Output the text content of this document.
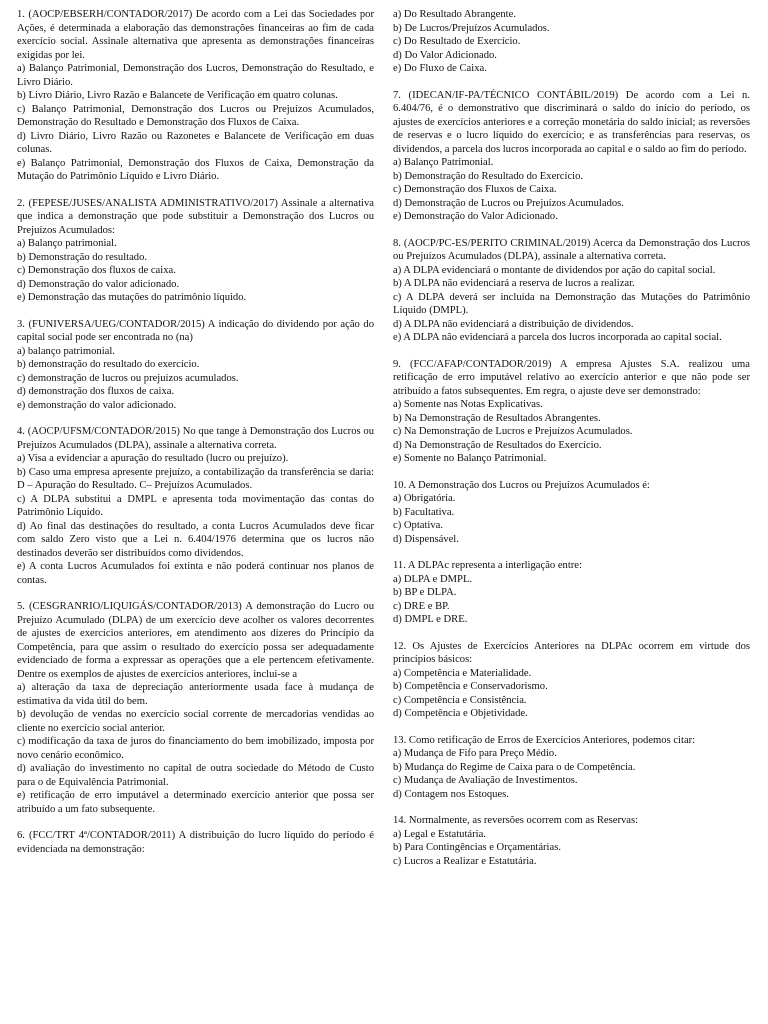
1. (AOCP/EBSERH/CONTADOR/2017) De acordo com a Lei das Sociedades por Ações, é determinada a elaboração das demonstrações financeiras ao fim de cada exercício social. Assinale alternativa que apresenta as demonstrações financeiras exigidas por lei.
a) Balanço Patrimonial, Demonstração dos Lucros, Demonstração do Resultado, e Livro Diário.
b) Livro Diário, Livro Razão e Balancete de Verificação em quatro colunas.
c) Balanço Patrimonial, Demonstração dos Lucros ou Prejuízos Acumulados, Demonstração do Resultado e Demonstração dos Fluxos de Caixa.
d) Livro Diário, Livro Razão ou Razonetes e Balancete de Verificação em duas colunas.
e) Balanço Patrimonial, Demonstração dos Fluxos de Caixa, Demonstração da Mutação do Patrimônio Líquido e Livro Diário.
2. (FEPESE/JUSES/ANALISTA ADMINISTRATIVO/2017) Assinale a alternativa que indica a demonstração que pode substituir a Demonstração dos Lucros ou Prejuízos Acumulados:
a) Balanço patrimonial.
b) Demonstração do resultado.
c) Demonstração dos fluxos de caixa.
d) Demonstração do valor adicionado.
e) Demonstração das mutações do patrimônio líquido.
3. (FUNIVERSA/UEG/CONTADOR/2015) A indicação do dividendo por ação do capital social pode ser encontrada no (na)
a) balanço patrimonial.
b) demonstração do resultado do exercício.
c) demonstração de lucros ou prejuízos acumulados.
d) demonstração dos fluxos de caixa.
e) demonstração do valor adicionado.
4. (AOCP/UFSM/CONTADOR/2015) No que tange à Demonstração dos Lucros ou Prejuízos Acumulados (DLPA), assinale a alternativa correta.
a) Visa a evidenciar a apuração do resultado (lucro ou prejuízo).
b) Caso uma empresa apresente prejuízo, a contabilização da transferência se daria: D – Apuração do Resultado. C– Prejuízos Acumulados.
c) A DLPA substitui a DMPL e apresenta toda movimentação das contas do Patrimônio Líquido.
d) Ao final das destinações do resultado, a conta Lucros Acumulados deve ficar com saldo Zero visto que a Lei n. 6.404/1976 determina que os lucros não destinados deverão ser distribuídos como dividendos.
e) A conta Lucros Acumulados foi extinta e não poderá continuar nos planos de contas.
5. (CESGRANRIO/LIQUIGÁS/CONTADOR/2013) A demonstração do Lucro ou Prejuízo Acumulado (DLPA) de um exercício deve acolher os valores decorrentes de ajustes de exercícios anteriores, em atendimento aos dizeres do Princípio da Competência, para que assim o resultado do exercício possa ser adequadamente evidenciado de forma a expressar as operações que a ele pertencem efetivamente. Dentre os exemplos de ajustes de exercícios anteriores, inclui-se a
a) alteração da taxa de depreciação anteriormente usada face à mudança de estimativa da vida útil do bem.
b) devolução de vendas no exercício social corrente de mercadorias vendidas ao cliente no exercício social anterior.
c) modificação da taxa de juros do financiamento do bem imobilizado, imposta por novo cenário econômico.
d) avaliação do investimento no capital de outra sociedade do Método de Custo para o de Equivalência Patrimonial.
e) retificação de erro imputável a determinado exercício anterior que possa ser atribuído a um fato subsequente.
6. (FCC/TRT 4ª/CONTADOR/2011) A distribuição do lucro líquido do período é evidenciada na demonstração:
a) Do Resultado Abrangente.
b) De Lucros/Prejuízos Acumulados.
c) Do Resultado de Exercício.
d) Do Valor Adicionado.
e) Do Fluxo de Caixa.
7. (IDECAN/IF-PA/TÉCNICO CONTÁBIL/2019) De acordo com a Lei n. 6.404/76, é o demonstrativo que discriminará o saldo do início do período, os ajustes de exercícios anteriores e a correção monetária do saldo inicial; as reversões de reservas e o lucro líquido do exercício; e as transferências para reservas, os dividendos, a parcela dos lucros incorporada ao capital e o saldo ao fim do período.
a) Balanço Patrimonial.
b) Demonstração do Resultado do Exercício.
c) Demonstração dos Fluxos de Caixa.
d) Demonstração de Lucros ou Prejuízos Acumulados.
e) Demonstração do Valor Adicionado.
8. (AOCP/PC-ES/PERITO CRIMINAL/2019) Acerca da Demonstração dos Lucros ou Prejuízos Acumulados (DLPA), assinale a alternativa correta.
a) A DLPA evidenciará o montante de dividendos por ação do capital social.
b) A DLPA não evidenciará a reserva de lucros a realizar.
c) A DLPA deverá ser incluída na Demonstração das Mutações do Patrimônio Líquido (DMPL).
d) A DLPA não evidenciará a distribuição de dividendos.
e) A DLPA não evidenciará a parcela dos lucros incorporada ao capital social.
9. (FCC/AFAP/CONTADOR/2019) A empresa Ajustes S.A. realizou uma retificação de erro imputável relativo ao exercício anterior e que não pode ser atribuído a fatos subsequentes. Em regra, o ajuste deve ser demonstrado:
a) Somente nas Notas Explicativas.
b) Na Demonstração de Resultados Abrangentes.
c) Na Demonstração de Lucros e Prejuízos Acumulados.
d) Na Demonstração de Resultados do Exercício.
e) Somente no Balanço Patrimonial.
10. A Demonstração dos Lucros ou Prejuízos Acumulados é:
a) Obrigatória.
b) Facultativa.
c) Optativa.
d) Dispensável.
11. A DLPAc representa a interligação entre:
a) DLPA e DMPL.
b) BP e DLPA.
c) DRE e BP.
d) DMPL e DRE.
12. Os Ajustes de Exercícios Anteriores na DLPAc ocorrem em virtude dos princípios básicos:
a) Competência e Materialidade.
b) Competência e Conservadorismo.
c) Competência e Consistência.
d) Competência e Objetividade.
13. Como retificação de Erros de Exercícios Anteriores, podemos citar:
a) Mudança de Fifo para Preço Médio.
b) Mudança do Regime de Caixa para o de Competência.
c) Mudança de Avaliação de Investimentos.
d) Contagem nos Estoques.
14. Normalmente, as reversões ocorrem com as Reservas:
a) Legal e Estatutária.
b) Para Contingências e Orçamentárias.
c) Lucros a Realizar e Estatutária.
